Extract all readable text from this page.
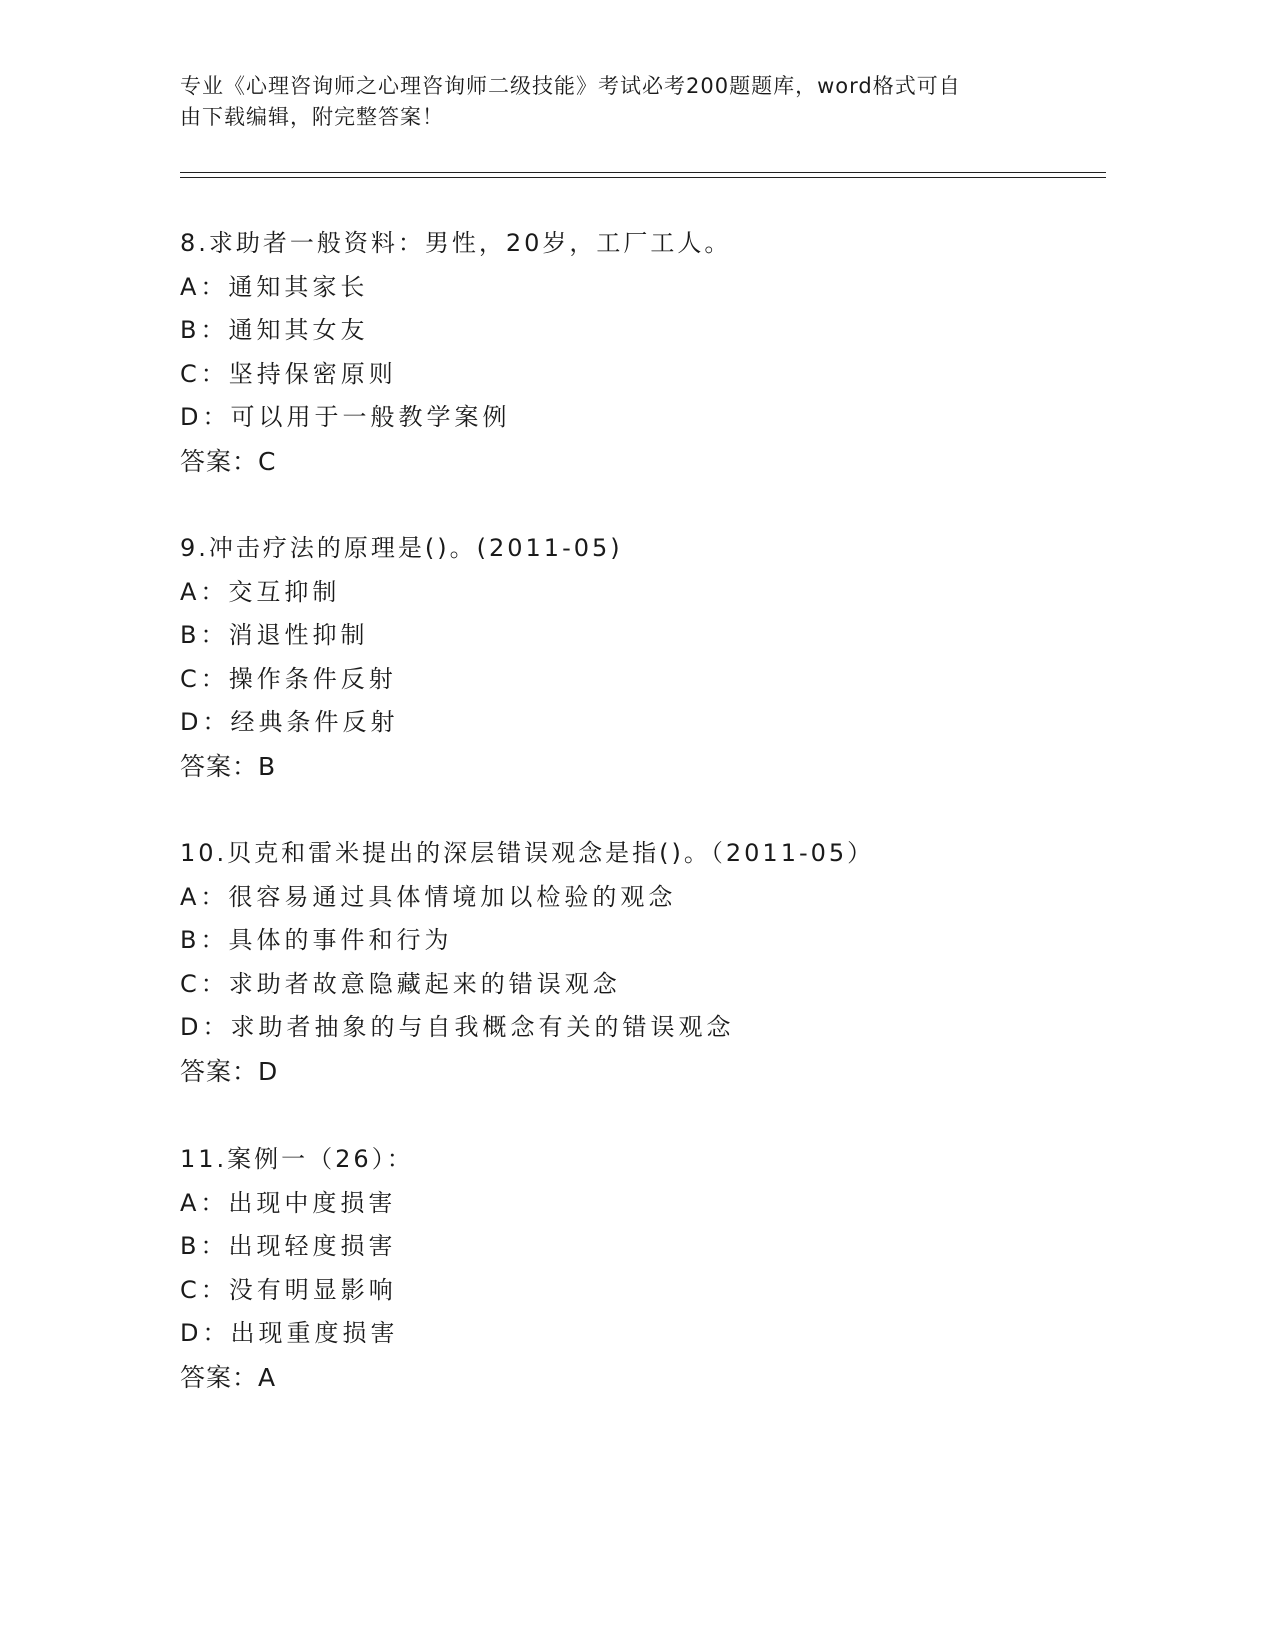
专业《心理咨询师之心理咨询师二级技能》考试必考200题题库，word格式可自
由下载编辑，附完整答案！
8.求助者一般资料：男性，20岁，工厂工人。
A：通知其家长
B：通知其女友
C：坚持保密原则
D：可以用于一般教学案例
答案：C
9.冲击疗法的原理是()。(2011-05)
A：交互抑制
B：消退性抑制
C：操作条件反射
D：经典条件反射
答案：B
10.贝克和雷米提出的深层错误观念是指()。（2011-05）
A：很容易通过具体情境加以检验的观念
B：具体的事件和行为
C：求助者故意隐藏起来的错误观念
D：求助者抽象的与自我概念有关的错误观念
答案：D
11.案例一（26）：
A：出现中度损害
B：出现轻度损害
C：没有明显影响
D：出现重度损害
答案：A
